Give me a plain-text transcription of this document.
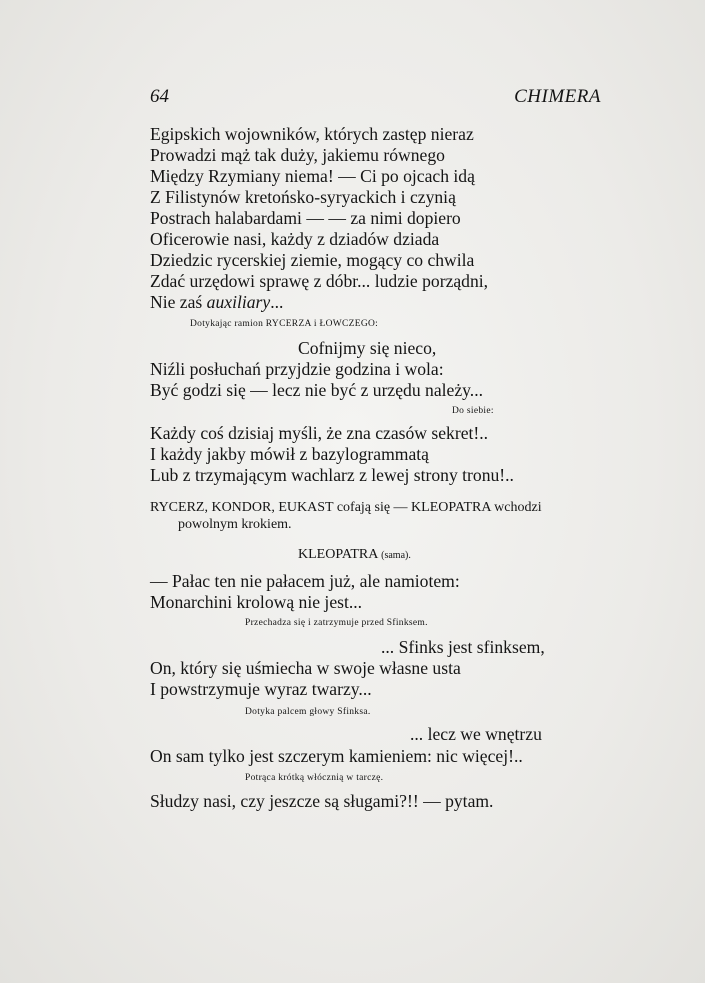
64	CHIMERA
Egipskich wojowników, których zastęp nieraz
Prowadzi mąż tak duży, jakiemu równego
Między Rzymiany niema! — Ci po ojcach idą
Z Filistynów kretońsko-syryackich i czynią
Postrach halabardami — — za nimi dopiero
Oficerowie nasi, każdy z dziadów dziada
Dziedzic rycerskiej ziemie, mogący co chwila
Zdać urzędowi sprawę z dóbr... ludzie porządni,
Nie zaś auxiliary...
Dotykając ramion RYCERZA i ŁOWCZEGO:
Cofnijmy się nieco,
Niźli posłuchań przyjdzie godzina i wola:
Być godzi się — lecz nie być z urzędu należy...
Do siebie:
Każdy coś dzisiaj myśli, że zna czasów sekret!..
I każdy jakby mówił z bazylogrammatą
Lub z trzymającym wachlarz z lewej strony tronu!..
RYCERZ, KONDOR, EUKAST cofają się — KLEOPATRA wchodzi
powolnym krokiem.
KLEOPATRA (sama).
— Pałac ten nie pałacem już, ale namiotem:
Monarchini krolową nie jest...
Przechadza się i zatrzymuje przed Sfinksem.
... Sfinks jest sfinksem,
On, który się uśmiecha w swoje własne usta
I powstrzymuje wyraz twarzy...
Dotyka palcem głowy Sfinksa.
... lecz we wnętrzu
On sam tylko jest szczerym kamieniem: nic więcej!..
Potrąca krótką włócznią w tarczę.
Słudzy nasi, czy jeszcze są sługami?!! — pytam.
